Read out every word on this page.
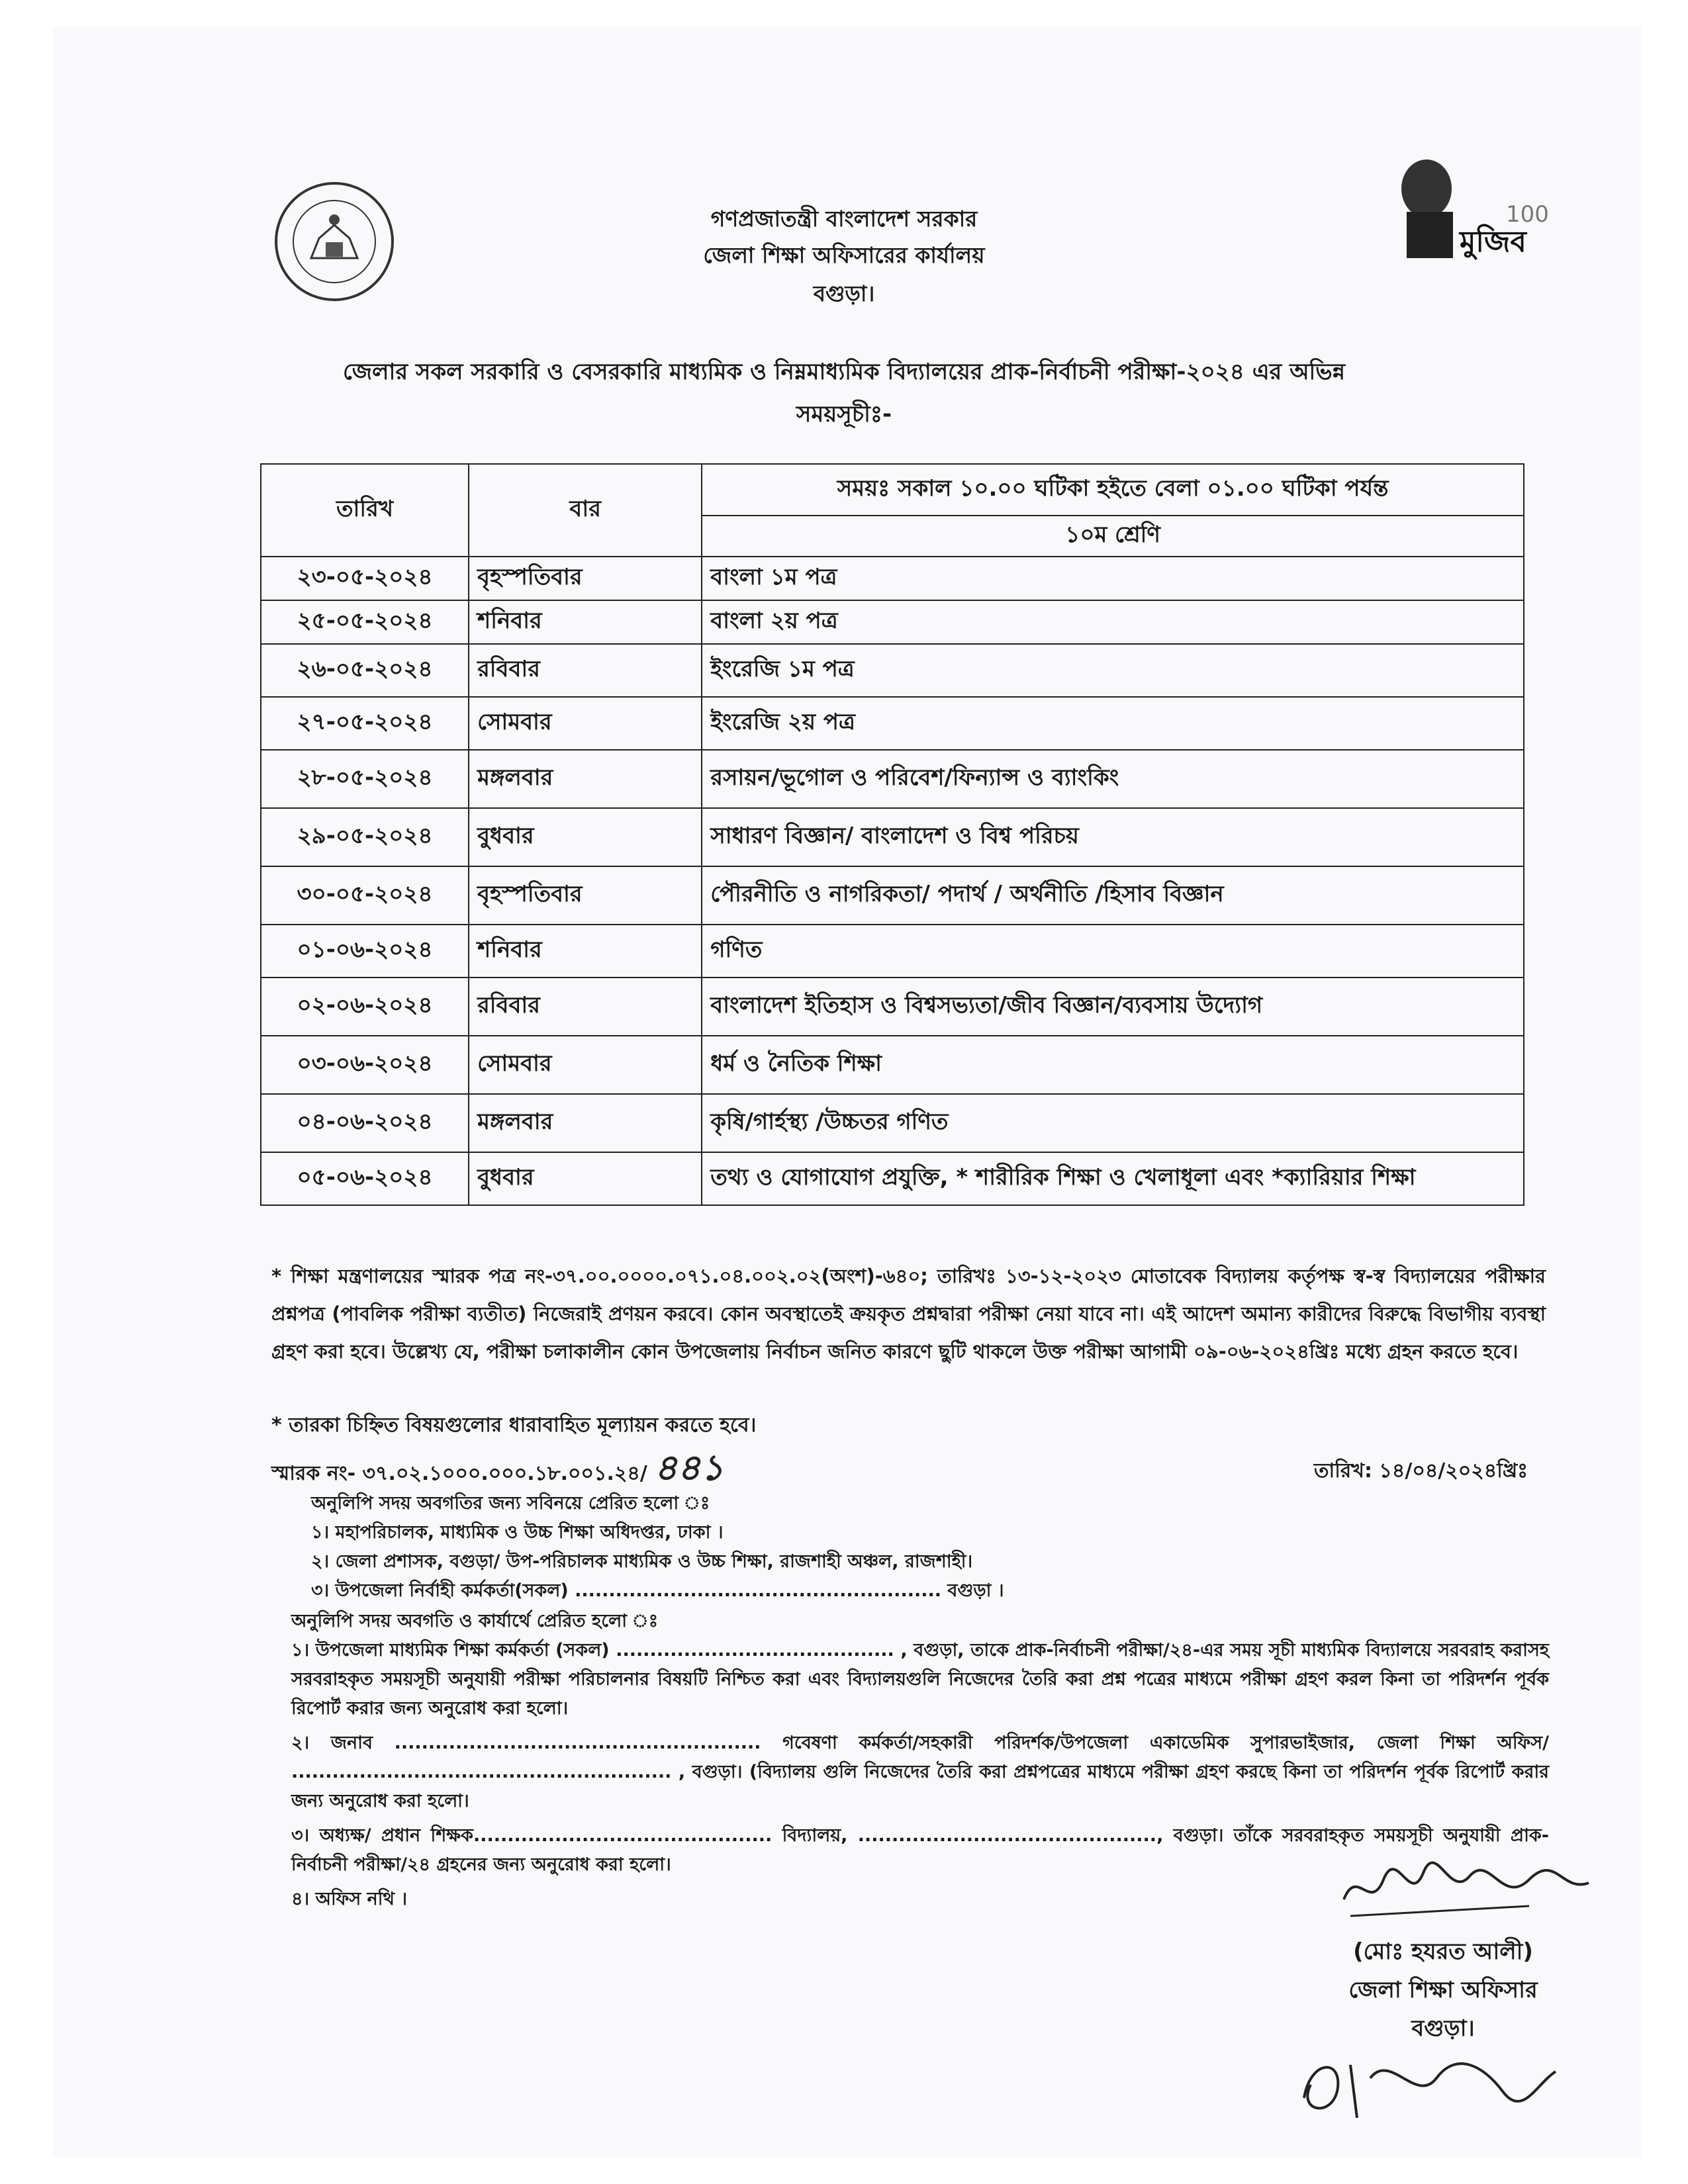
মুজিব
100
গণপ্রজাতন্ত্রী বাংলাদেশ সরকার
জেলা শিক্ষা অফিসারের কার্যালয়
বগুড়া।
জেলার সকল সরকারি ও বেসরকারি মাধ্যমিক ও নিম্নমাধ্যমিক বিদ্যালয়ের প্রাক-নির্বাচনী পরীক্ষা-২০২৪ এর অভিন্ন
সময়সূচীঃ-
তারিখ	বার	সময়ঃ সকাল ১০.০০ ঘটিকা হইতে বেলা ০১.০০ ঘটিকা পর্যন্ত
		১০ম শ্রেণি
২৩-০৫-২০২৪	বৃহস্পতিবার	বাংলা ১ম পত্র
২৫-০৫-২০২৪	শনিবার	বাংলা ২য় পত্র
২৬-০৫-২০২৪	রবিবার	ইংরেজি ১ম পত্র
২৭-০৫-২০২৪	সোমবার	ইংরেজি ২য় পত্র
২৮-০৫-২০২৪	মঙ্গলবার	রসায়ন/ভূগোল ও পরিবেশ/ফিন্যান্স ও ব্যাংকিং
২৯-০৫-২০২৪	বুধবার	সাধারণ বিজ্ঞান/ বাংলাদেশ ও বিশ্ব পরিচয়
৩০-০৫-২০২৪	বৃহস্পতিবার	পৌরনীতি ও নাগরিকতা/ পদার্থ / অর্থনীতি /হিসাব বিজ্ঞান
০১-০৬-২০২৪	শনিবার	গণিত
০২-০৬-২০২৪	রবিবার	বাংলাদেশ ইতিহাস ও বিশ্বসভ্যতা/জীব বিজ্ঞান/ব্যবসায় উদ্যোগ
০৩-০৬-২০২৪	সোমবার	ধর্ম ও নৈতিক শিক্ষা
০৪-০৬-২০২৪	মঙ্গলবার	কৃষি/গার্হস্থ্য /উচ্চতর গণিত
০৫-০৬-২০২৪	বুধবার	তথ্য ও যোগাযোগ প্রযুক্তি, * শারীরিক শিক্ষা ও খেলাধূলা এবং *ক্যারিয়ার শিক্ষা
* শিক্ষা মন্ত্রণালয়ের স্মারক পত্র নং-৩৭.০০.০০০০.০৭১.০৪.০০২.০২(অংশ)-৬৪০; তারিখঃ ১৩-১২-২০২৩ মোতাবেক বিদ্যালয় কর্তৃপক্ষ স্ব-স্ব বিদ্যালয়ের পরীক্ষার প্রশ্নপত্র (পাবলিক পরীক্ষা ব্যতীত) নিজেরাই প্রণয়ন করবে। কোন অবস্থাতেই ক্রয়কৃত প্রশ্নদ্বারা পরীক্ষা নেয়া যাবে না। এই আদেশ অমান্য কারীদের বিরুদ্ধে বিভাগীয় ব্যবস্থা গ্রহণ করা হবে। উল্লেখ্য যে, পরীক্ষা চলাকালীন কোন উপজেলায় নির্বাচন জনিত কারণে ছুটি থাকলে উক্ত পরীক্ষা আগামী ০৯-০৬-২০২৪খ্রিঃ মধ্যে গ্রহন করতে হবে।
* তারকা চিহ্নিত বিষয়গুলোর ধারাবাহিত মূল্যায়ন করতে হবে।
স্মারক নং- ৩৭.০২.১০০০.০০০.১৮.০০১.২৪/ ৪৪১	তারিখ: ১৪/০৪/২০২৪খ্রিঃ
অনুলিপি সদয় অবগতির জন্য সবিনয়ে প্রেরিত হলো ঃ
১। মহাপরিচালক, মাধ্যমিক ও উচ্চ শিক্ষা অধিদপ্তর, ঢাকা ।
২। জেলা প্রশাসক, বগুড়া/ উপ-পরিচালক মাধ্যমিক ও উচ্চ শিক্ষা, রাজশাহী অঞ্চল, রাজশাহী।
৩। উপজেলা নির্বাহী কর্মকর্তা(সকল) ...................................................... বগুড়া ।
অনুলিপি সদয় অবগতি ও কার্যার্থে প্রেরিত হলো ঃ
১। উপজেলা মাধ্যমিক শিক্ষা কর্মকর্তা (সকল) ......................................... , বগুড়া, তাকে প্রাক-নির্বাচনী পরীক্ষা/২৪-এর সময় সূচী মাধ্যমিক বিদ্যালয়ে সরবরাহ করাসহ সরবরাহকৃত সময়সূচী অনুযায়ী পরীক্ষা পরিচালনার বিষয়টি নিশ্চিত করা এবং বিদ্যালয়গুলি নিজেদের তৈরি করা প্রশ্ন পত্রের মাধ্যমে পরীক্ষা গ্রহণ করল কিনা তা পরিদর্শন পূর্বক রিপোর্ট করার জন্য অনুরোধ করা হলো।
২। জনাব ...................................................... গবেষণা কর্মকর্তা/সহকারী পরিদর্শক/উপজেলা একাডেমিক সুপারভাইজার, জেলা শিক্ষা অফিস/ ........................................................ , বগুড়া। (বিদ্যালয় গুলি নিজেদের তৈরি করা প্রশ্নপত্রের মাধ্যমে পরীক্ষা গ্রহণ করছে কিনা তা পরিদর্শন পূর্বক রিপোর্ট করার জন্য অনুরোধ করা হলো।
৩। অধ্যক্ষ/ প্রধান শিক্ষক............................................ বিদ্যালয়, ............................................, বগুড়া। তাঁকে সরবরাহকৃত সময়সূচী অনুযায়ী প্রাক-নির্বাচনী পরীক্ষা/২৪ গ্রহনের জন্য অনুরোধ করা হলো।
৪। অফিস নথি ।
(মোঃ হযরত আলী)
জেলা শিক্ষা অফিসার
বগুড়া।
